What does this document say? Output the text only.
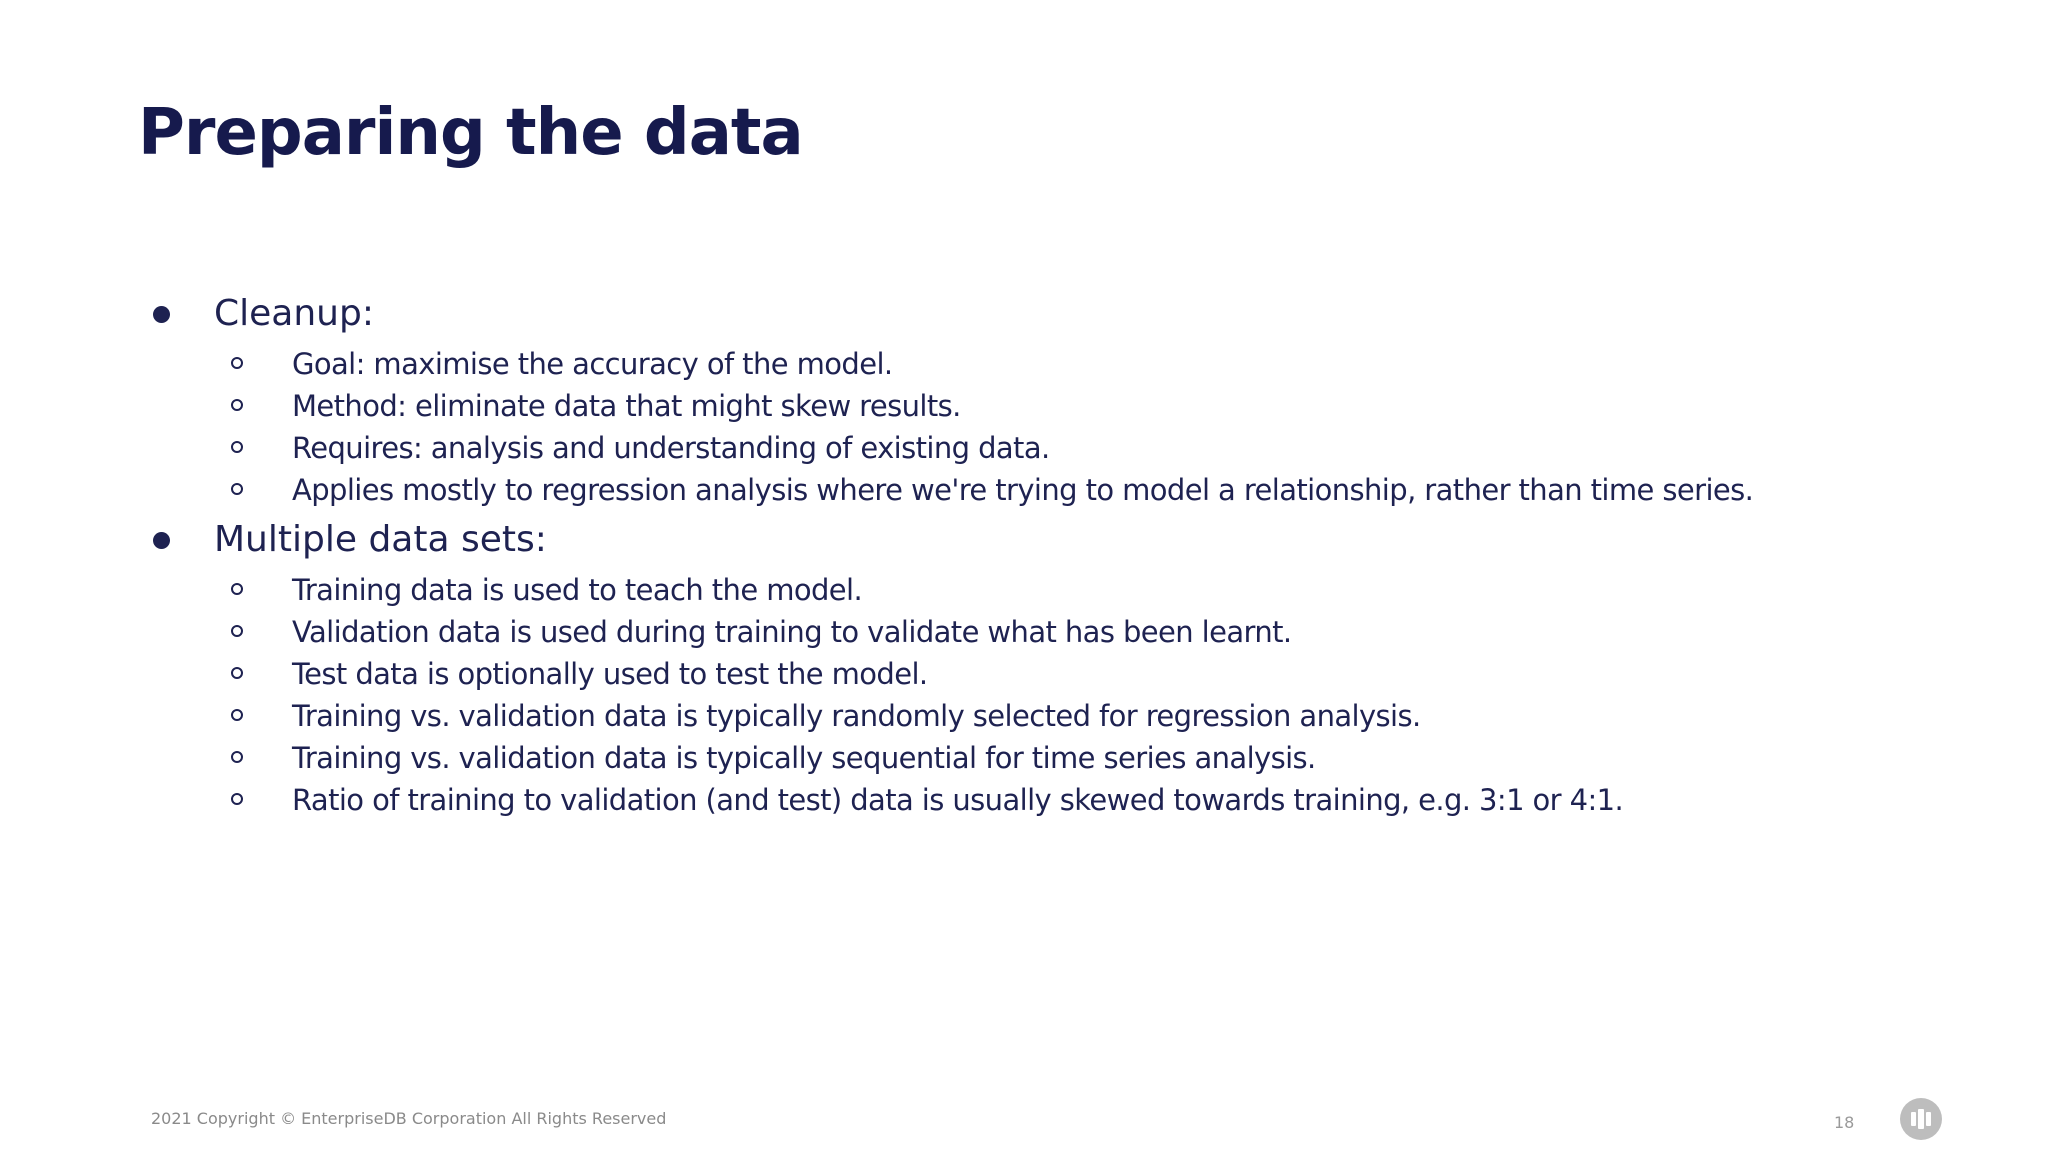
Preparing the data
Cleanup:
Goal: maximise the accuracy of the model.
Method: eliminate data that might skew results.
Requires: analysis and understanding of existing data.
Applies mostly to regression analysis where we're trying to model a relationship, rather than time series.
Multiple data sets:
Training data is used to teach the model.
Validation data is used during training to validate what has been learnt.
Test data is optionally used to test the model.
Training vs. validation data is typically randomly selected for regression analysis.
Training vs. validation data is typically sequential for time series analysis.
Ratio of training to validation (and test) data is usually skewed towards training, e.g. 3:1 or 4:1.
2021 Copyright © EnterpriseDB Corporation All Rights Reserved	18
